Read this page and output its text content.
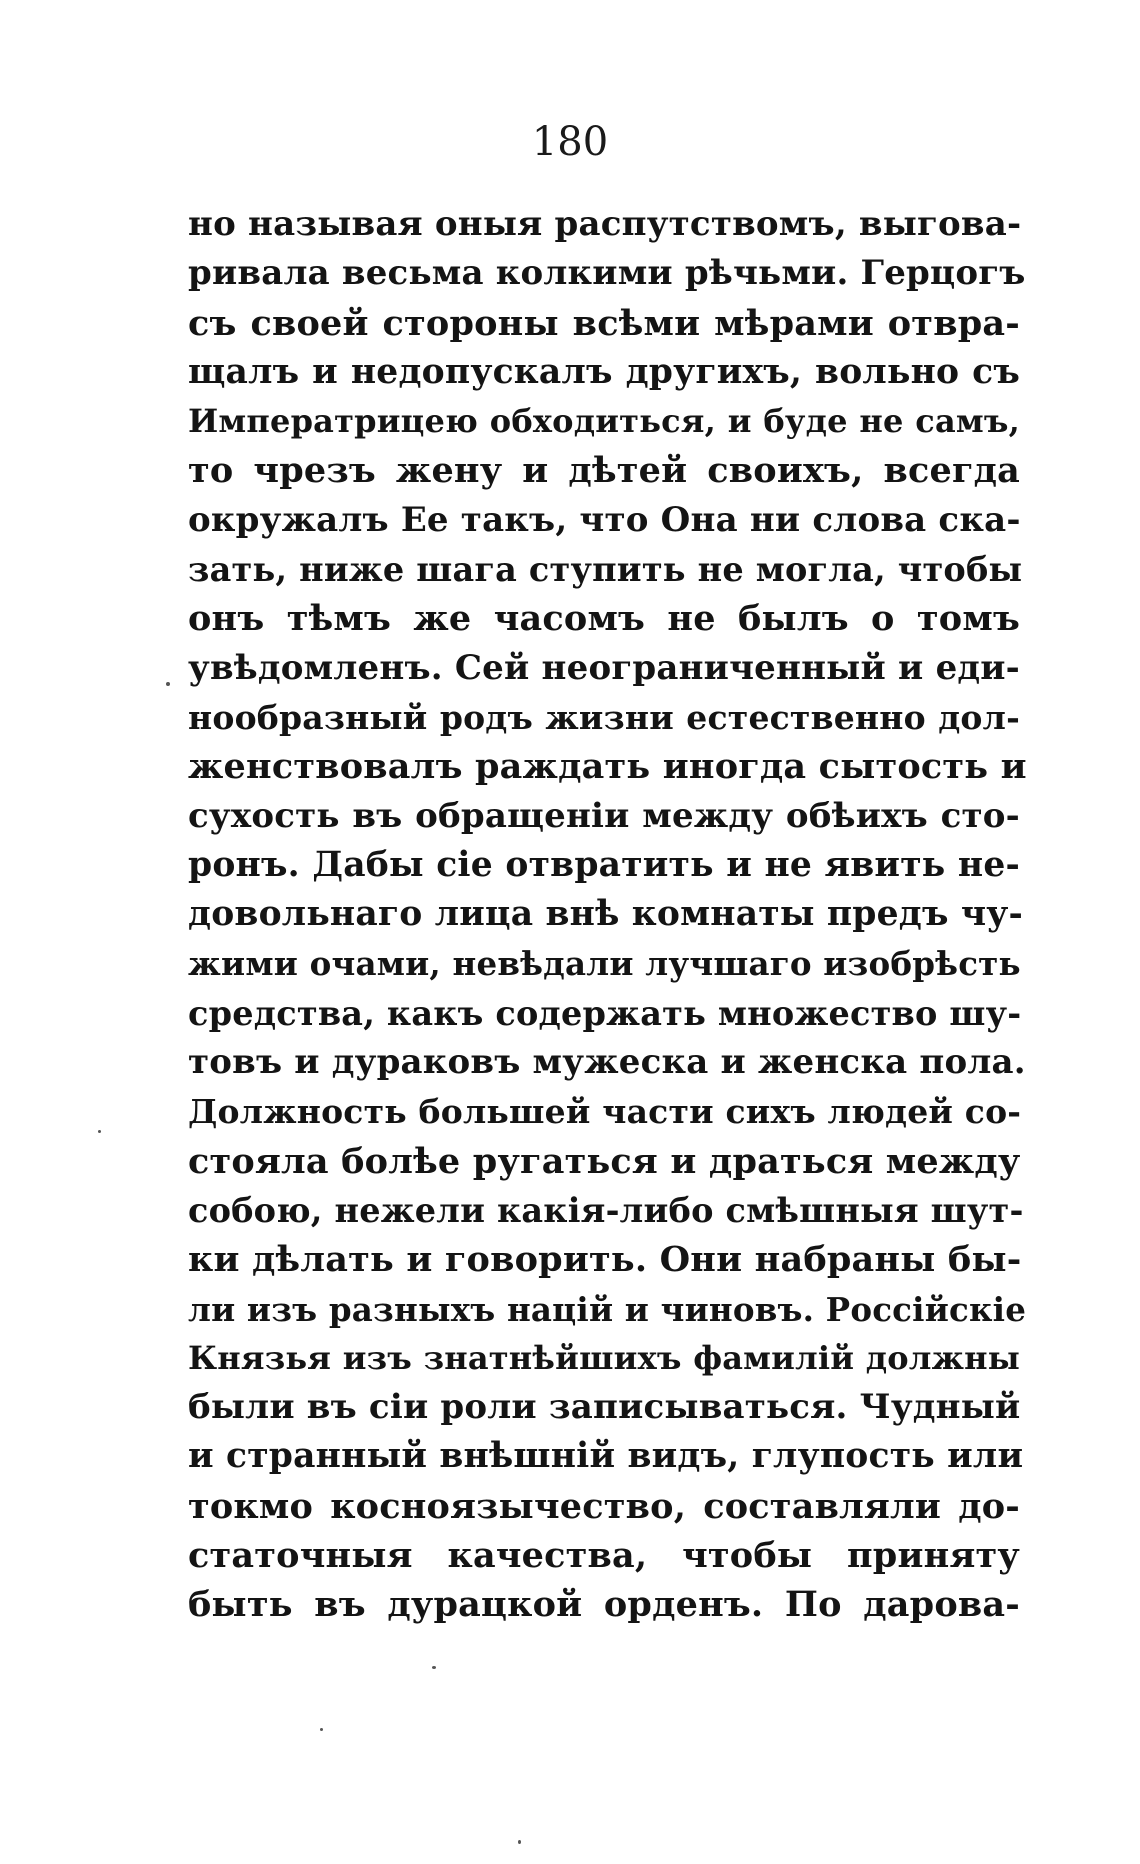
180
но называя оныя распутствомъ, выгова-
ривала весьма колкими рѣчьми. Герцогъ
съ своей стороны всѣми мѣрами отвра-
щалъ и недопускалъ другихъ, вольно съ
Императрицею обходиться, и буде не самъ,
то чрезъ жену и дѣтей своихъ, всегда
окружалъ Ее такъ, что Она ни слова ска-
зать, ниже шага ступить не могла, чтобы
онъ тѣмъ же часомъ не былъ о томъ
увѣдомленъ. Сей неограниченный и еди-
нообразный родъ жизни естественно дол-
женствовалъ раждать иногда сытость и
сухость въ обращеніи между обѣихъ сто-
ронъ. Дабы сіе отвратить и не явить не-
довольнаго лица внѣ комнаты предъ чу-
жими очами, невѣдали лучшаго изобрѣсть
средства, какъ содержать множество шу-
товъ и дураковъ мужеска и женска пола.
Должность большей части сихъ людей со-
стояла болѣе ругаться и драться между
собою, нежели какія-либо смѣшныя шут-
ки дѣлать и говорить. Они набраны бы-
ли изъ разныхъ націй и чиновъ. Россійскіе
Князья изъ знатнѣйшихъ фамилій должны
были въ сіи роли записываться. Чудный
и странный внѣшній видъ, глупость или
токмо косноязычество, составляли до-
статочныя качества, чтобы приняту
быть въ дурацкой орденъ. По дарова-
